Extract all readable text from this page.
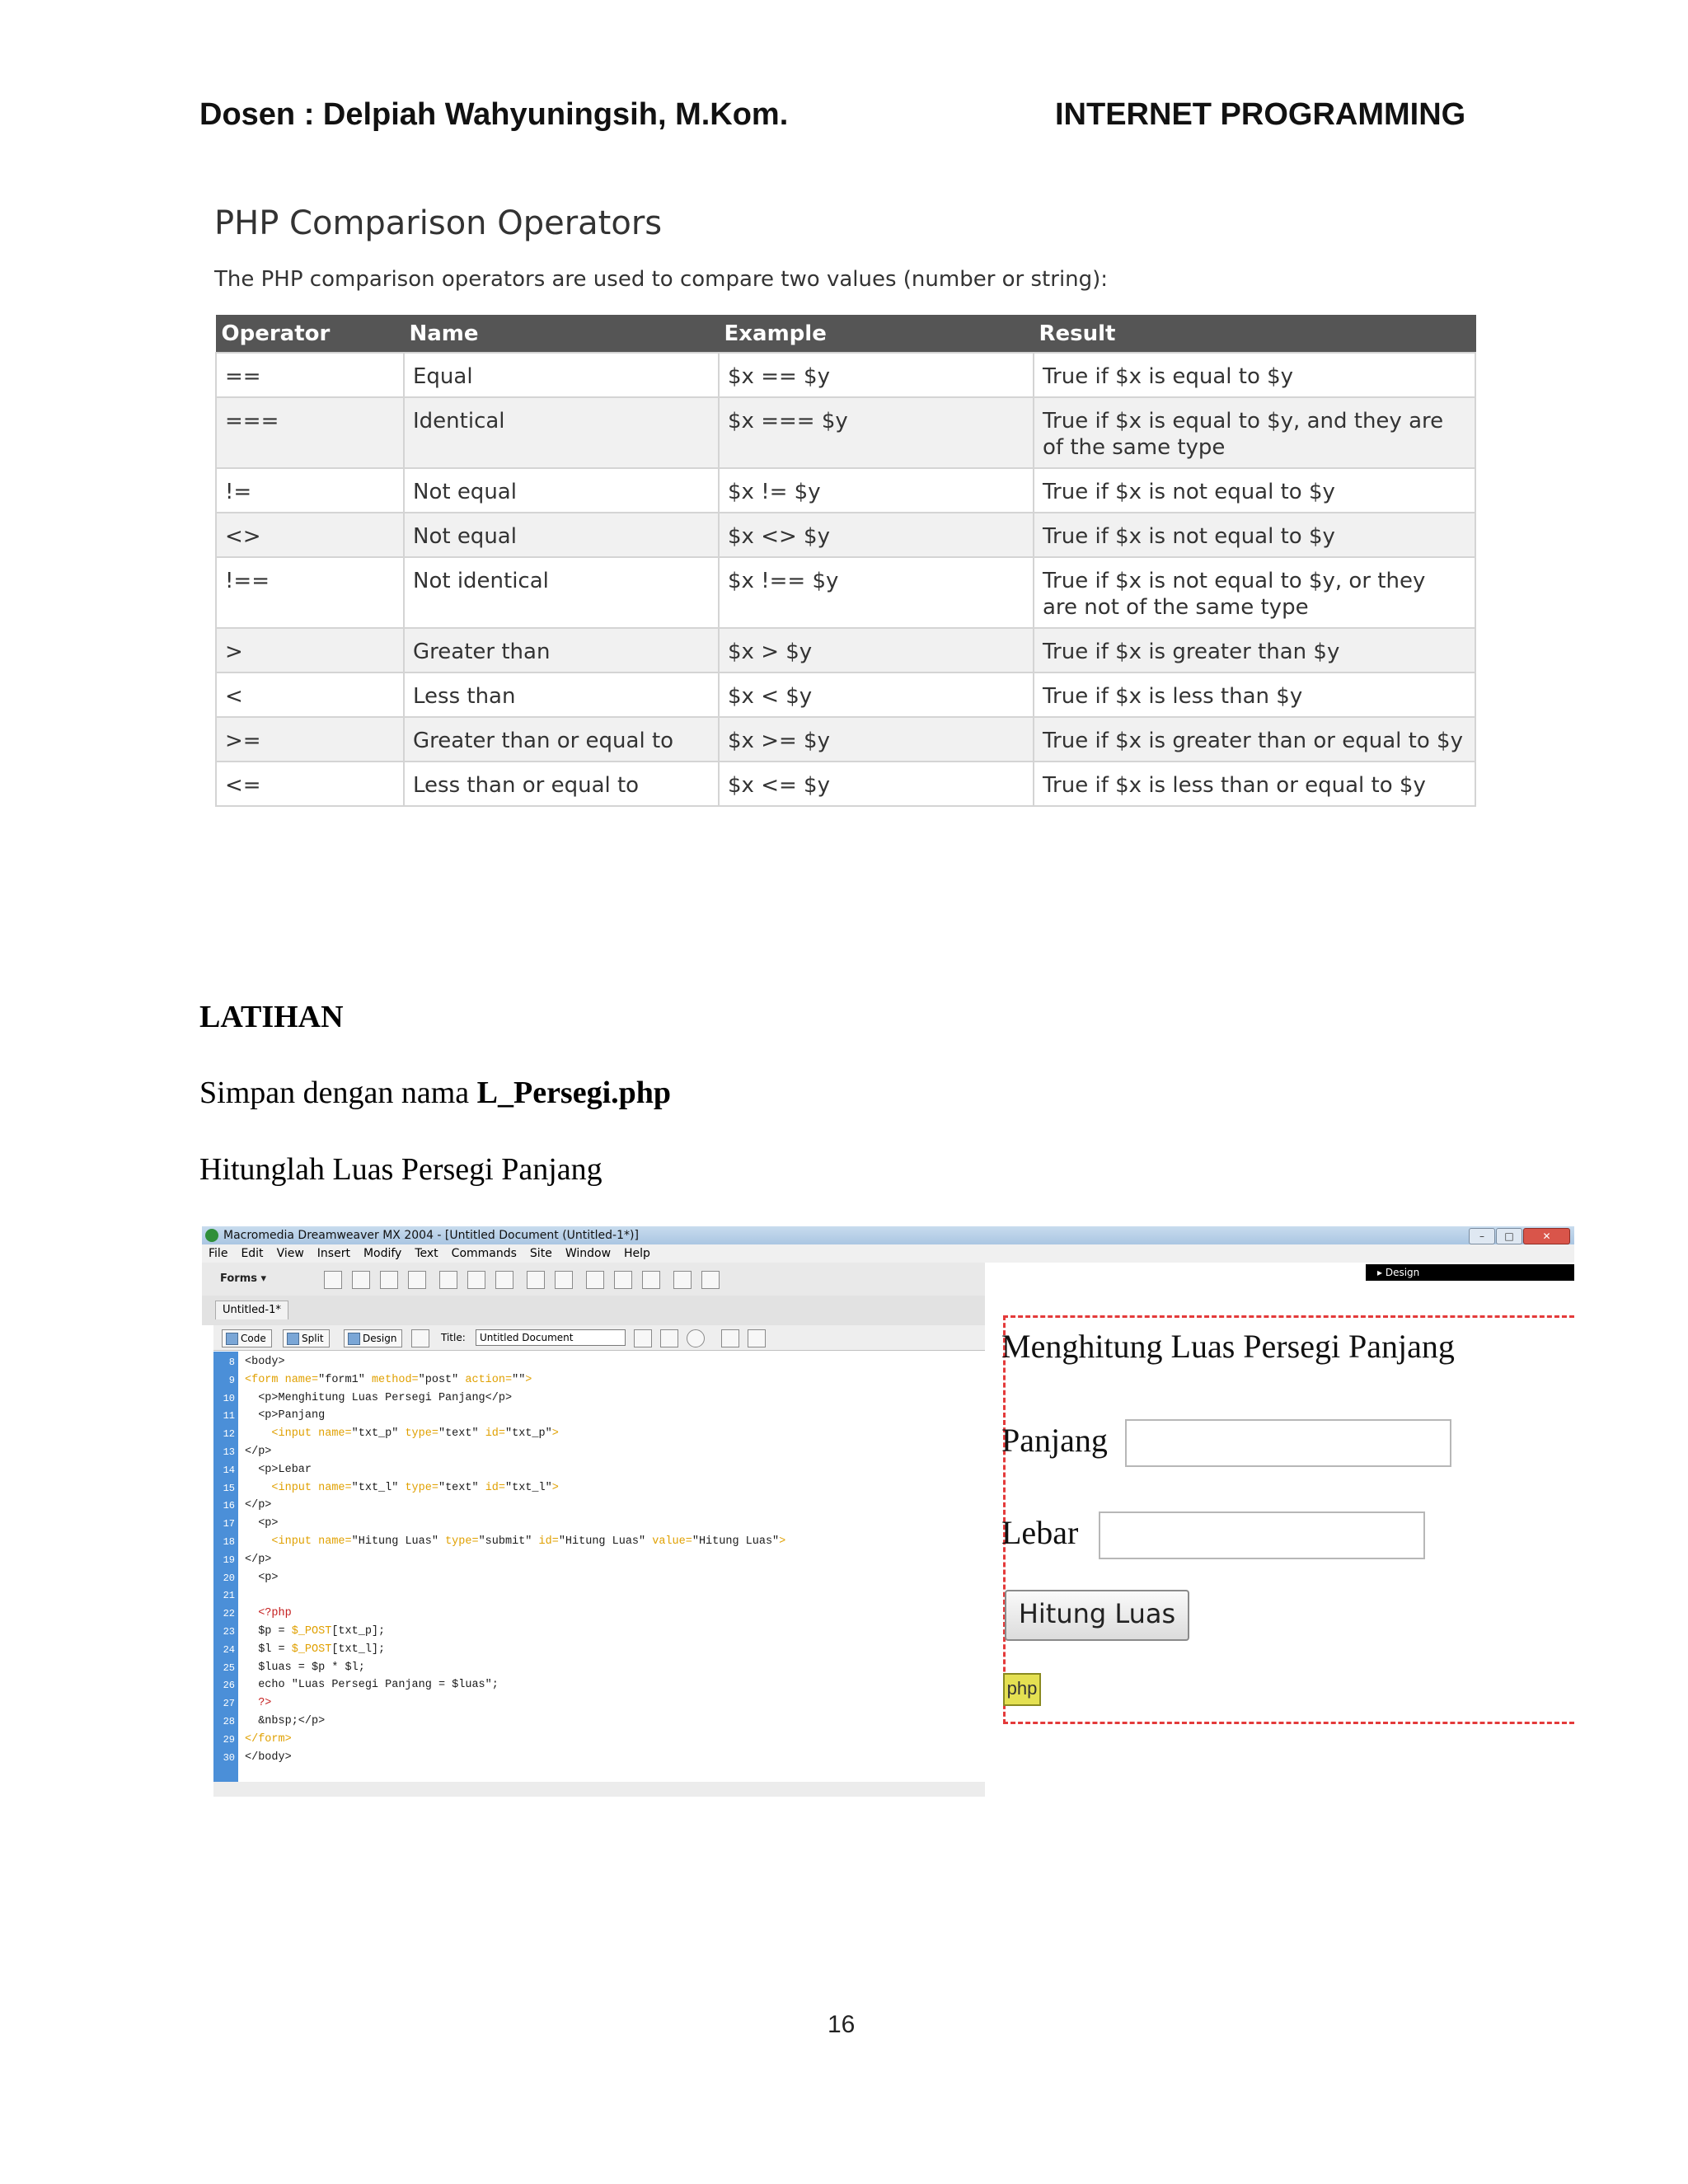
Dosen : Delpiah Wahyuningsih, M.Kom.	INTERNET PROGRAMMING
PHP Comparison Operators
The PHP comparison operators are used to compare two values (number or string):
Operator	Name	Example	Result
==	Equal	$x == $y	True if $x is equal to $y
===	Identical	$x === $y	True if $x is equal to $y, and they are of the same type
!=	Not equal	$x != $y	True if $x is not equal to $y
<>	Not equal	$x <> $y	True if $x is not equal to $y
!==	Not identical	$x !== $y	True if $x is not equal to $y, or they are not of the same type
>	Greater than	$x > $y	True if $x is greater than $y
<	Less than	$x < $y	True if $x is less than $y
>=	Greater than or equal to	$x >= $y	True if $x is greater than or equal to $y
<=	Less than or equal to	$x <= $y	True if $x is less than or equal to $y
LATIHAN
Simpan dengan nama L_Persegi.php
Hitunglah Luas Persegi Panjang
Macromedia Dreamweaver MX 2004 - [Untitled Document (Untitled-1*)]	–	□	✕
File Edit View Insert Modify Text Commands Site Window Help
Forms ▾
Untitled-1*
Code	Split	Design	Title:	Untitled Document
8 <body>
9 <form name="form1" method="post" action="">
10 <p>Menghitung Luas Persegi Panjang</p>
11 <p>Panjang
12 <input name="txt_p" type="text" id="txt_p">
13 </p>
14 <p>Lebar
15 <input name="txt_l" type="text" id="txt_l">
16 </p>
17 <p>
18 <input name="Hitung Luas" type="submit" id="Hitung Luas" value="Hitung Luas">
19 </p>
20 <p>
21
22 <?php
23 $p = $_POST[txt_p];
24 $l = $_POST[txt_l];
25 $luas = $p * $l;
26 echo "Luas Persegi Panjang = $luas";
27 ?>
28 &nbsp;</p>
29 </form>
30 </body>
▸ Design
Menghitung Luas Persegi Panjang
Panjang
Lebar
Hitung Luas
php
16
